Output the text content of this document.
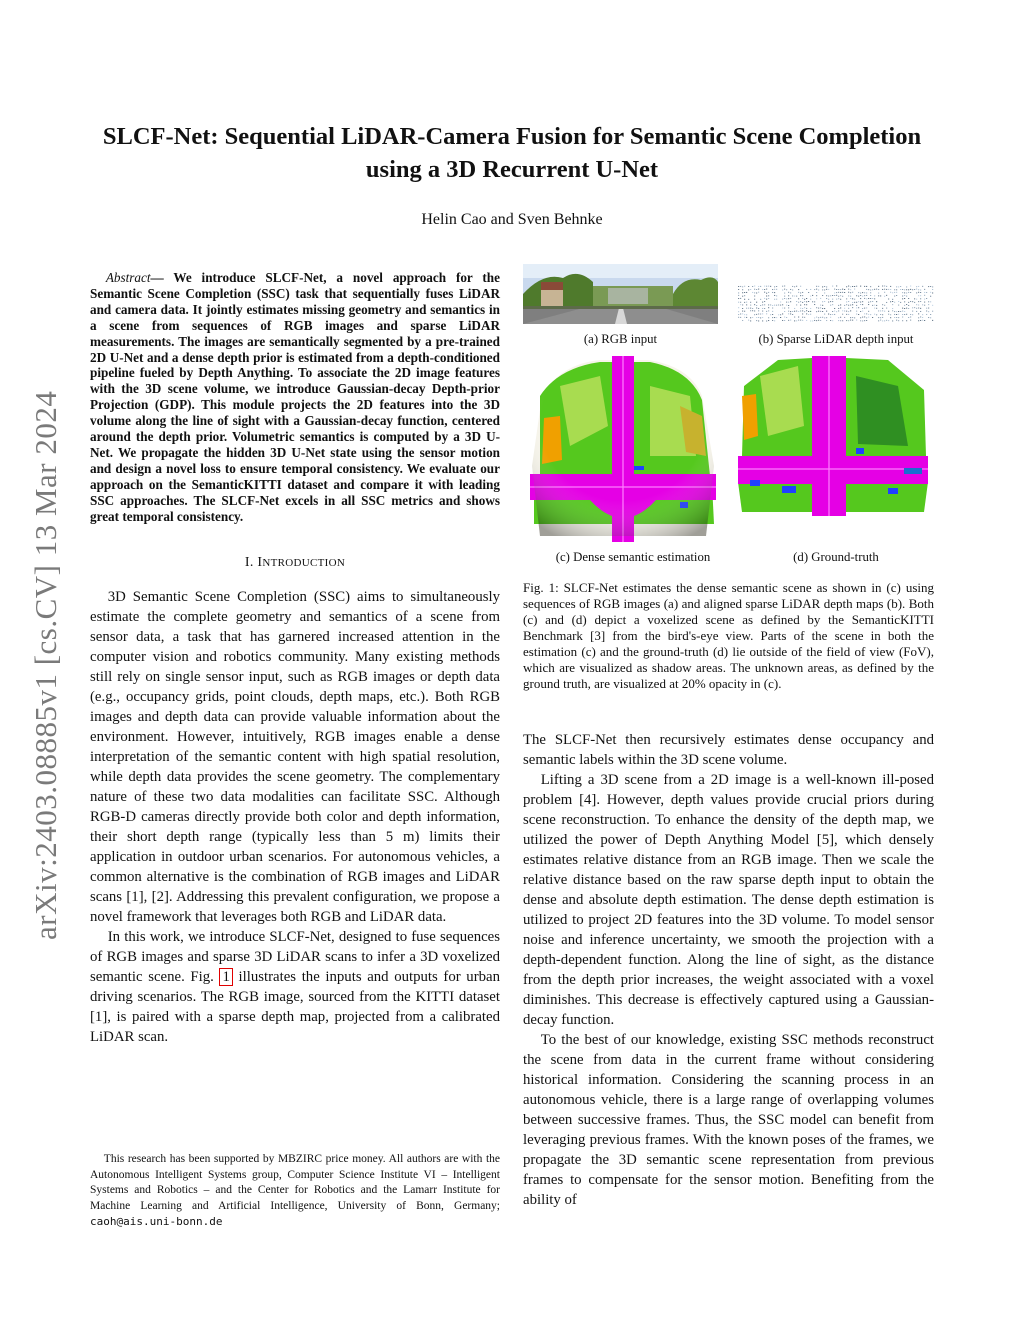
arXiv:2403.08885v1 [cs.CV] 13 Mar 2024
SLCF-Net: Sequential LiDAR-Camera Fusion for Semantic Scene Completion using a 3D Recurrent U-Net
Helin Cao and Sven Behnke

Abstract— We introduce SLCF-Net, a novel approach for the Semantic Scene Completion (SSC) task that sequentially fuses LiDAR and camera data. It jointly estimates missing geometry and semantics in a scene from sequences of RGB images and sparse LiDAR measurements. The images are semantically segmented by a pre-trained 2D U-Net and a dense depth prior is estimated from a depth-conditioned pipeline fueled by Depth Anything. To associate the 2D image features with the 3D scene volume, we introduce Gaussian-decay Depth-prior Projection (GDP). This module projects the 2D features into the 3D volume along the line of sight with a Gaussian-decay function, centered around the depth prior. Volumetric semantics is computed by a 3D U-Net. We propagate the hidden 3D U-Net state using the sensor motion and design a novel loss to ensure temporal consistency. We evaluate our approach on the SemanticKITTI dataset and compare it with leading SSC approaches. The SLCF-Net excels in all SSC metrics and shows great temporal consistency.

I. INTRODUCTION

3D Semantic Scene Completion (SSC) aims to simultaneously estimate the complete geometry and semantics of a scene from sensor data, a task that has garnered increased attention in the computer vision and robotics community. Many existing methods still rely on single sensor input, such as RGB images or depth data (e.g., occupancy grids, point clouds, depth maps, etc.). Both RGB images and depth data can provide valuable information about the environment. However, intuitively, RGB images enable a dense interpretation of the semantic content with high spatial resolution, while depth data provides the scene geometry. The complementary nature of these two data modalities can facilitate SSC. Although RGB-D cameras directly provide both color and depth information, their short depth range (typically less than 5 m) limits their application in outdoor urban scenarios. For autonomous vehicles, a common alternative is the combination of RGB images and LiDAR scans [1], [2]. Addressing this prevalent configuration, we propose a novel framework that leverages both RGB and LiDAR data.

In this work, we introduce SLCF-Net, designed to fuse sequences of RGB images and sparse 3D LiDAR scans to infer a 3D voxelized semantic scene. Fig. 1 illustrates the inputs and outputs for urban driving scenarios. The RGB image, sourced from the KITTI dataset [1], is paired with a sparse depth map, projected from a calibrated LiDAR scan.

This research has been supported by MBZIRC price money. All authors are with the Autonomous Intelligent Systems group, Computer Science Institute VI – Intelligent Systems and Robotics – and the Center for Robotics and the Lamarr Institute for Machine Learning and Artificial Intelligence, University of Bonn, Germany; caoh@ais.uni-bonn.de
(a) RGB input	(b) Sparse LiDAR depth input
(c) Dense semantic estimation	(d) Ground-truth

Fig. 1: SLCF-Net estimates the dense semantic scene as shown in (c) using sequences of RGB images (a) and aligned sparse LiDAR depth maps (b). Both (c) and (d) depict a voxelized scene as defined by the SemanticKITTI Benchmark [3] from the bird's-eye view. Parts of the scene in both the estimation (c) and the ground-truth (d) lie outside of the field of view (FoV), which are visualized as shadow areas. The unknown areas, as defined by the ground truth, are visualized at 20% opacity in (c).

The SLCF-Net then recursively estimates dense occupancy and semantic labels within the 3D scene volume.

Lifting a 3D scene from a 2D image is a well-known ill-posed problem [4]. However, depth values provide crucial priors during scene reconstruction. To enhance the density of the depth map, we utilized the power of Depth Anything Model [5], which densely estimates relative distance from an RGB image. Then we scale the relative distance based on the raw sparse depth input to obtain the dense and absolute depth estimation. The dense depth estimation is utilized to project 2D features into the 3D volume. To model sensor noise and inference uncertainty, we smooth the projection with a depth-dependent function. Along the line of sight, as the distance from the depth prior increases, the weight associated with a voxel diminishes. This decrease is effectively captured using a Gaussian-decay function.

To the best of our knowledge, existing SSC methods reconstruct the scene from data in the current frame without considering historical information. Considering the scanning process in an autonomous vehicle, there is a large range of overlapping volumes between successive frames. Thus, the SSC model can benefit from leveraging previous frames. With the known poses of the frames, we propagate the 3D semantic scene representation from previous frames to compensate for the sensor motion. Benefiting from the ability of
